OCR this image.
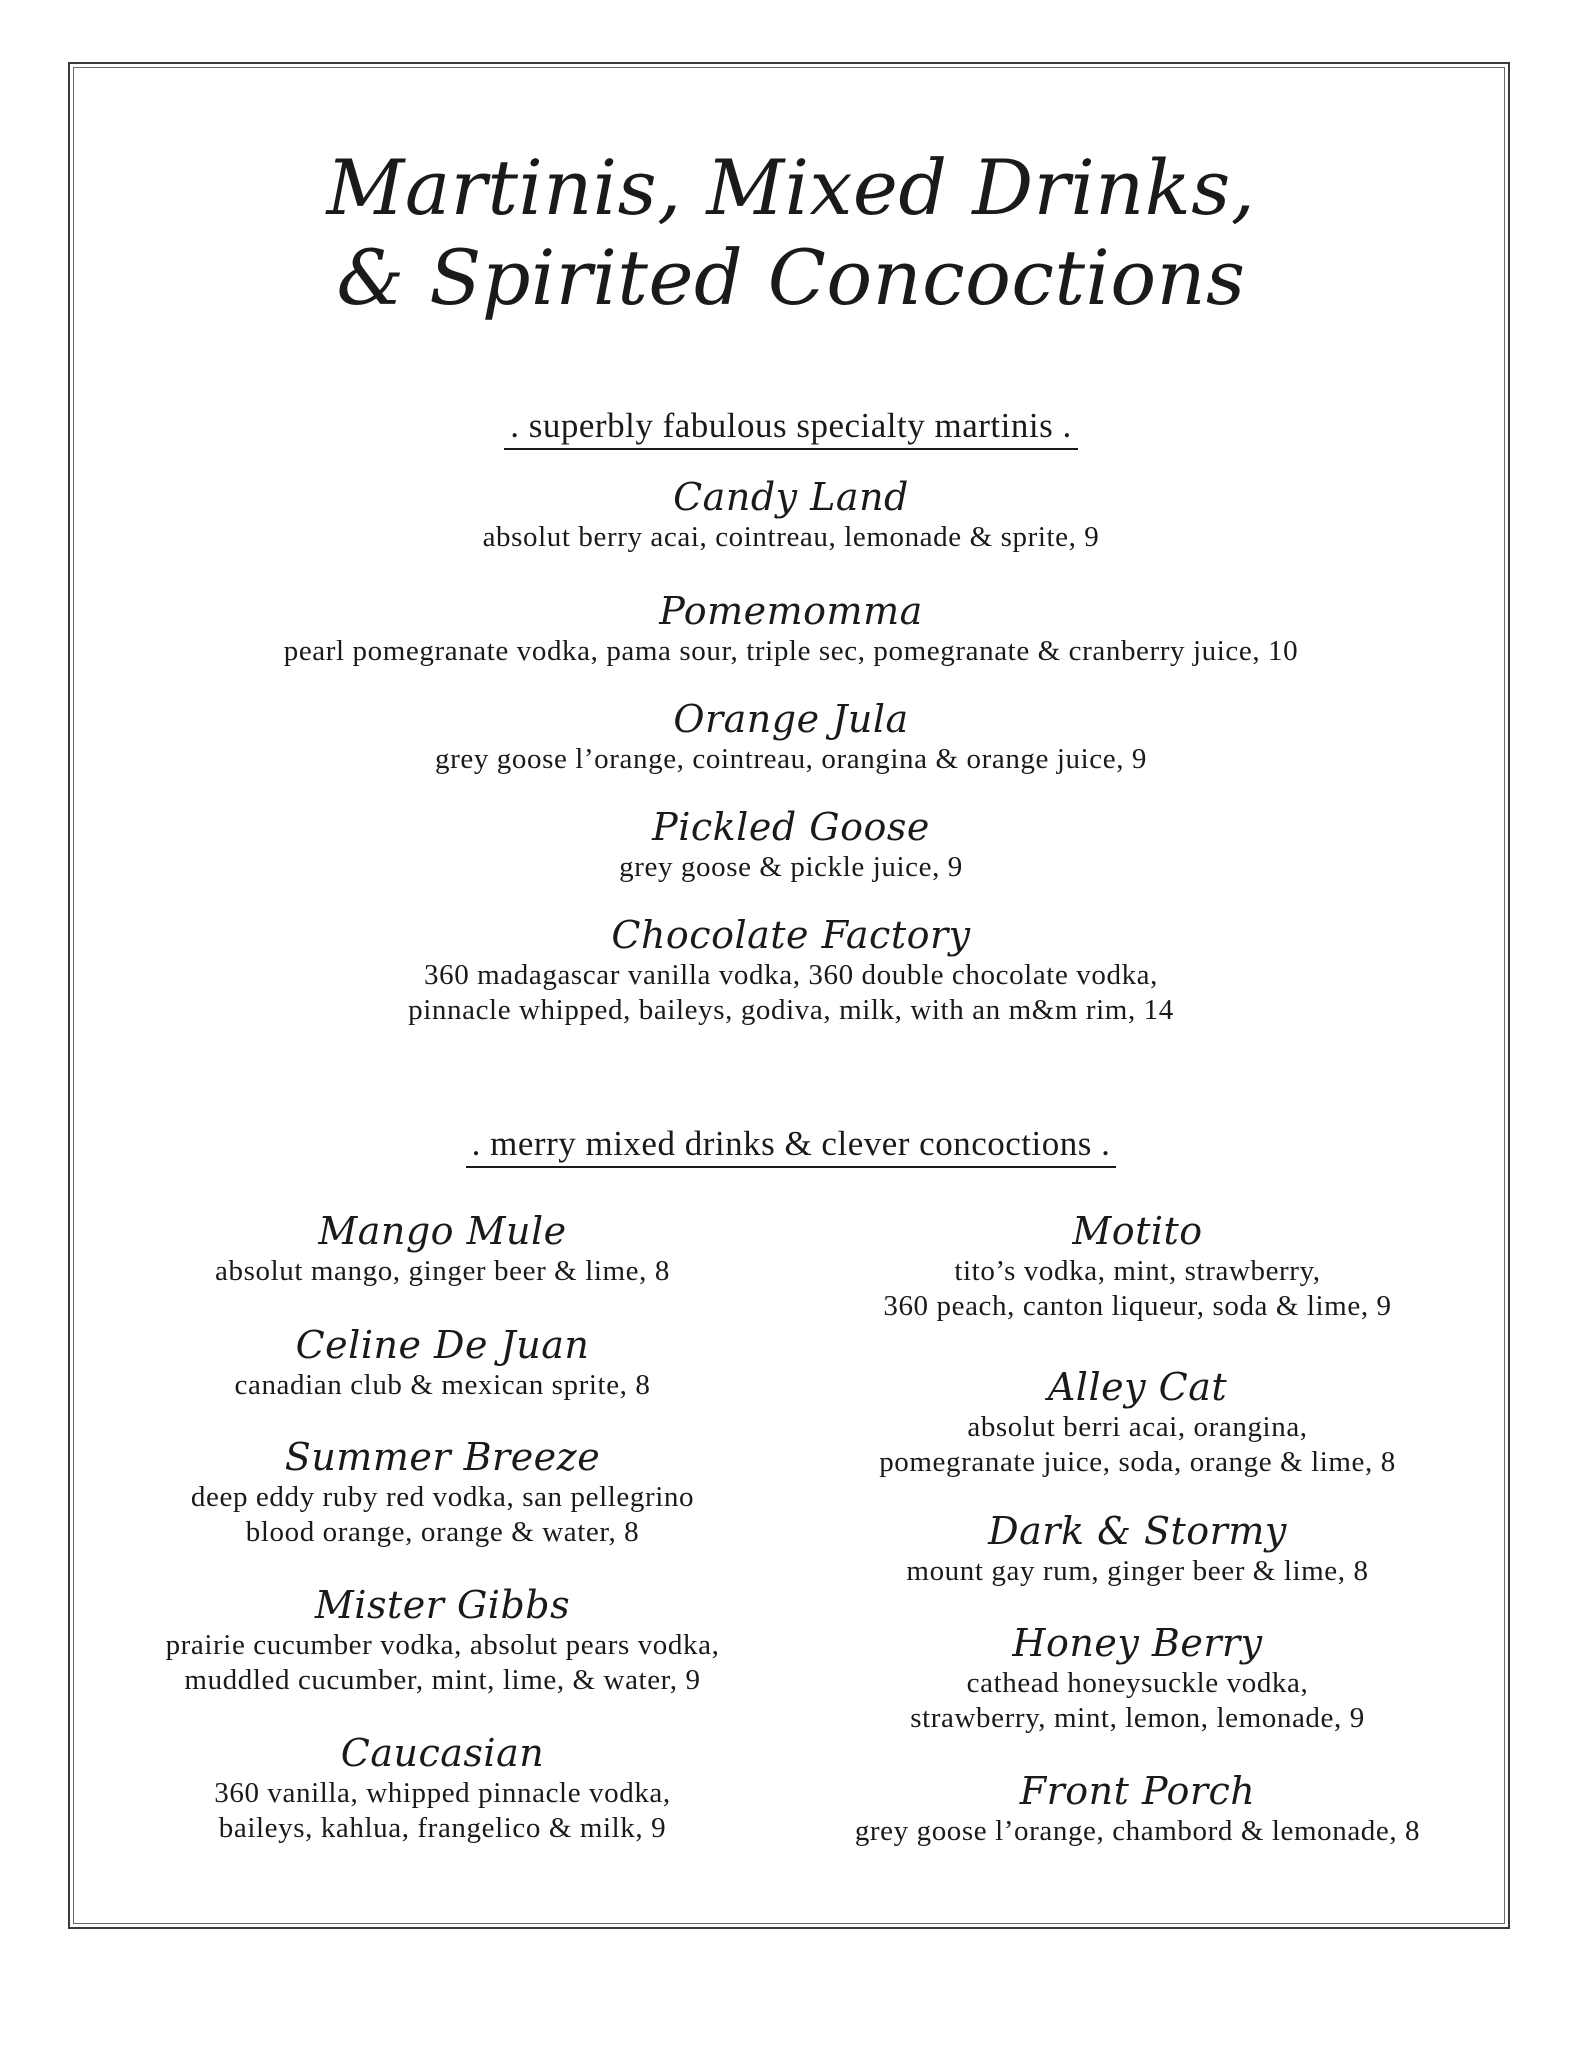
Martinis, Mixed Drinks,
& Spirited Concoctions
. superbly fabulous specialty martinis .
Candy Land
absolut berry acai, cointreau, lemonade & sprite, 9
Pomemomma
pearl pomegranate vodka, pama sour, triple sec, pomegranate & cranberry juice, 10
Orange Jula
grey goose l’orange, cointreau, orangina & orange juice, 9
Pickled Goose
grey goose & pickle juice, 9
Chocolate Factory
360 madagascar vanilla vodka, 360 double chocolate vodka,
pinnacle whipped, baileys, godiva, milk, with an m&m rim, 14
. merry mixed drinks & clever concoctions .
Mango Mule
absolut mango, ginger beer & lime, 8
Celine De Juan
canadian club & mexican sprite, 8
Summer Breeze
deep eddy ruby red vodka, san pellegrino
blood orange, orange & water, 8
Mister Gibbs
prairie cucumber vodka, absolut pears vodka,
muddled cucumber, mint, lime, & water, 9
Caucasian
360 vanilla, whipped pinnacle vodka,
baileys, kahlua, frangelico & milk, 9
Motito
tito’s vodka, mint, strawberry,
360 peach, canton liqueur, soda & lime, 9
Alley Cat
absolut berri acai, orangina,
pomegranate juice, soda, orange & lime, 8
Dark & Stormy
mount gay rum, ginger beer & lime, 8
Honey Berry
cathead honeysuckle vodka,
strawberry, mint, lemon, lemonade, 9
Front Porch
grey goose l’orange, chambord & lemonade, 8
